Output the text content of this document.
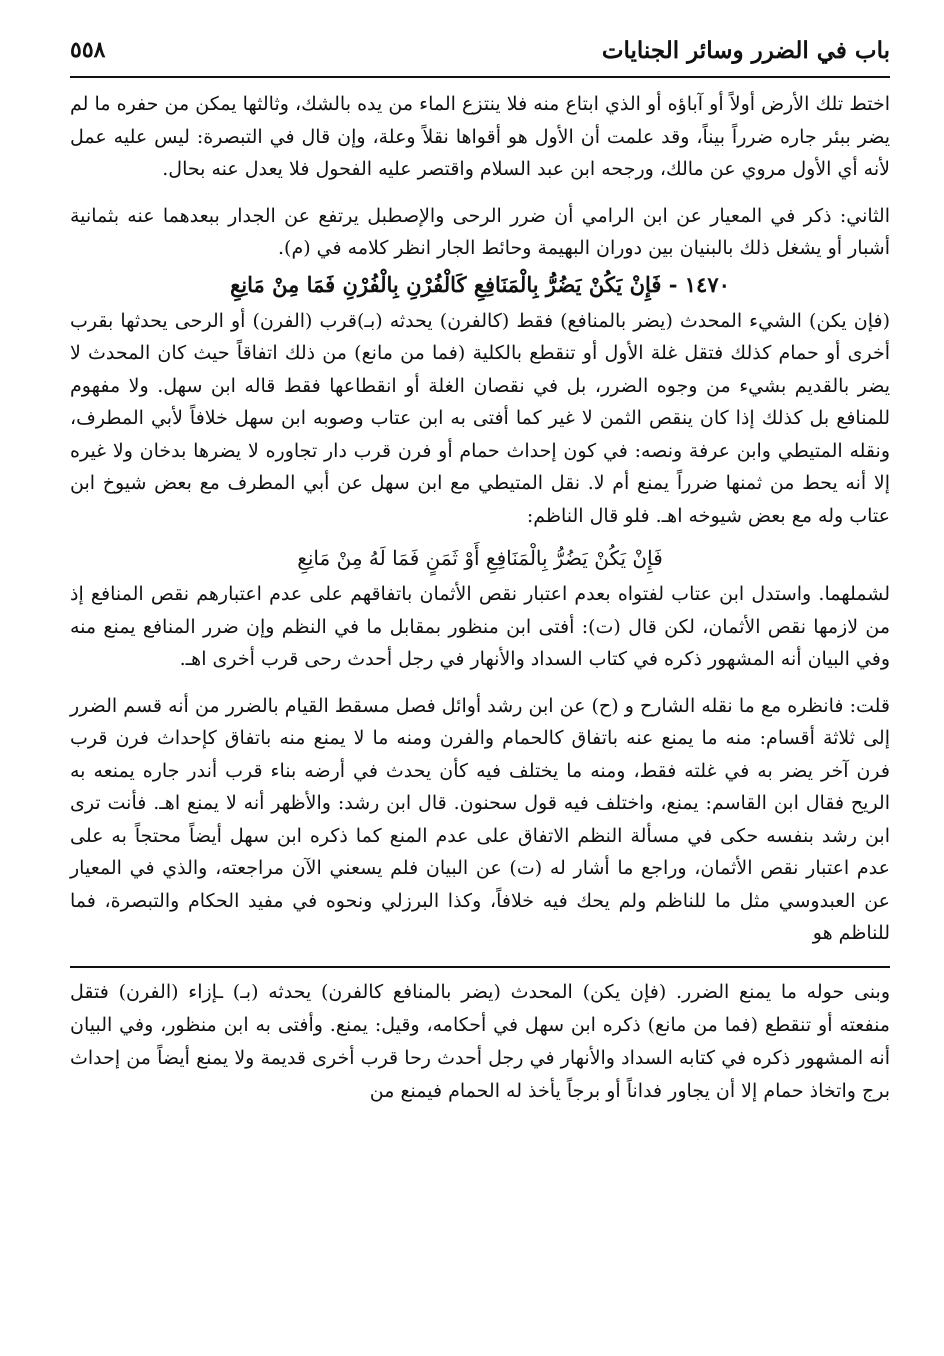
باب في الضرر وسائر الجنايات
٥٥٨

اختط تلك الأرض أولاً أو آباؤه أو الذي ابتاع منه فلا ينتزع الماء من يده بالشك، وثالثها يمكن من حفره ما لم يضر ببئر جاره ضرراً بيناً، وقد علمت أن الأول هو أقواها نقلاً وعلة، وإن قال في التبصرة: ليس عليه عمل لأنه أي الأول مروي عن مالك، ورجحه ابن عبد السلام واقتصر عليه الفحول فلا يعدل عنه بحال.

الثاني: ذكر في المعيار عن ابن الرامي أن ضرر الرحى والإصطبل يرتفع عن الجدار ببعدهما عنه بثمانية أشبار أو يشغل ذلك بالبنيان بين دوران البهيمة وحائط الجار انظر كلامه في (م).

١٤٧٠ - فَإِنْ يَكُنْ يَضُرُّ بِالْمَنَافِعِ كَالْفُرْنِ بِالْفُرْنِ فَمَا مِنْ مَانِعِ

(فإن يكن) الشيء المحدث (يضر بالمنافع) فقط (كالفرن) يحدثه (بـ)قرب (الفرن) أو الرحى يحدثها بقرب أخرى أو حمام كذلك فتقل غلة الأول أو تنقطع بالكلية (فما من مانع) من ذلك اتفاقاً حيث كان المحدث لا يضر بالقديم بشيء من وجوه الضرر، بل في نقصان الغلة أو انقطاعها فقط قاله ابن سهل. ولا مفهوم للمنافع بل كذلك إذا كان ينقص الثمن لا غير كما أفتى به ابن عتاب وصوبه ابن سهل خلافاً لأبي المطرف، ونقله المتيطي وابن عرفة ونصه: في كون إحداث حمام أو فرن قرب دار تجاوره لا يضرها بدخان ولا غيره إلا أنه يحط من ثمنها ضرراً يمنع أم لا. نقل المتيطي مع ابن سهل عن أبي المطرف مع بعض شيوخ ابن عتاب وله مع بعض شيوخه اهـ. فلو قال الناظم:

فَإِنْ يَكُنْ يَضُرُّ بِالْمَنَافِعِ أَوْ ثَمَنٍ فَمَا لَهُ مِنْ مَانِعِ

لشملهما. واستدل ابن عتاب لفتواه بعدم اعتبار نقص الأثمان باتفاقهم على عدم اعتبارهم نقص المنافع إذ من لازمها نقص الأثمان، لكن قال (ت): أفتى ابن منظور بمقابل ما في النظم وإن ضرر المنافع يمنع منه وفي البيان أنه المشهور ذكره في كتاب السداد والأنهار في رجل أحدث رحى قرب أخرى اهـ.

قلت: فانظره مع ما نقله الشارح و (ح) عن ابن رشد أوائل فصل مسقط القيام بالضرر من أنه قسم الضرر إلى ثلاثة أقسام: منه ما يمنع عنه باتفاق كالحمام والفرن ومنه ما لا يمنع منه باتفاق كإحداث فرن قرب فرن آخر يضر به في غلته فقط، ومنه ما يختلف فيه كأن يحدث في أرضه بناء قرب أندر جاره يمنعه به الريح فقال ابن القاسم: يمنع، واختلف فيه قول سحنون. قال ابن رشد: والأظهر أنه لا يمنع اهـ. فأنت ترى ابن رشد بنفسه حكى في مسألة النظم الاتفاق على عدم المنع كما ذكره ابن سهل أيضاً محتجاً به على عدم اعتبار نقص الأثمان، وراجع ما أشار له (ت) عن البيان فلم يسعني الآن مراجعته، والذي في المعيار عن العبدوسي مثل ما للناظم ولم يحك فيه خلافاً، وكذا البرزلي ونحوه في مفيد الحكام والتبصرة، فما للناظم هو

وبنى حوله ما يمنع الضرر. (فإن يكن) المحدث (يضر بالمنافع كالفرن) يحدثه (بـ) ـإزاء (الفرن) فتقل منفعته أو تنقطع (فما من مانع) ذكره ابن سهل في أحكامه، وقيل: يمنع. وأفتى به ابن منظور، وفي البيان أنه المشهور ذكره في كتابه السداد والأنهار في رجل أحدث رحا قرب أخرى قديمة ولا يمنع أيضاً من إحداث برج واتخاذ حمام إلا أن يجاور فداناً أو برجاً يأخذ له الحمام فيمنع من
